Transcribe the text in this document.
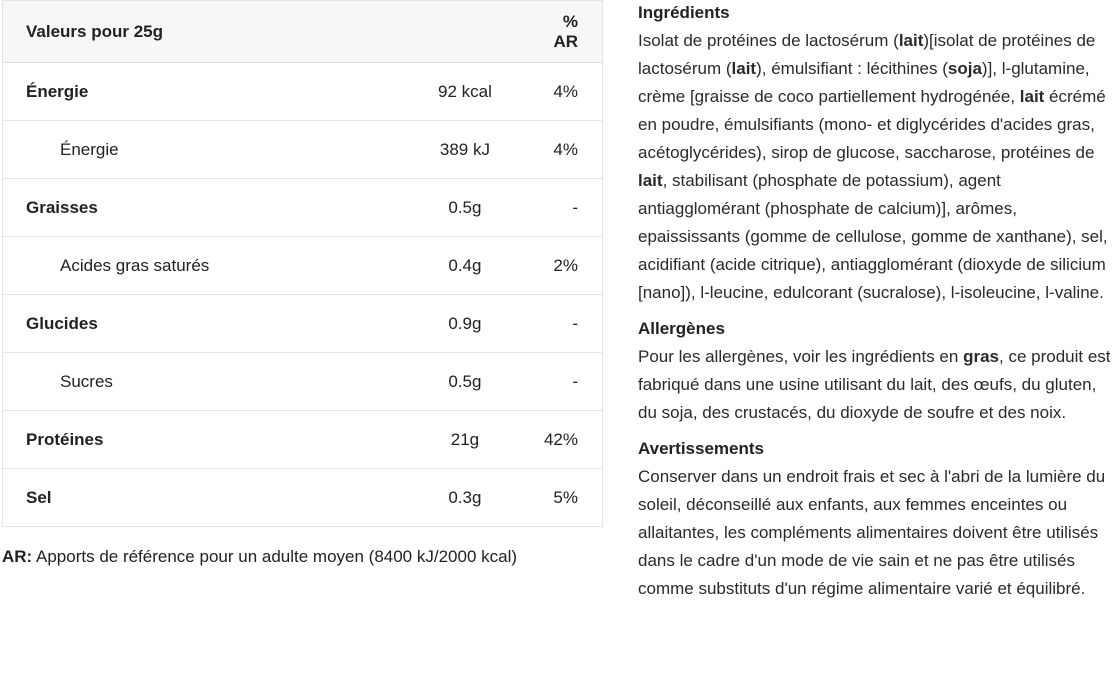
Valeurs pour 25g		% AR
Énergie	92 kcal	4%
Énergie	389 kJ	4%
Graisses	0.5g	-
Acides gras saturés	0.4g	2%
Glucides	0.9g	-
Sucres	0.5g	-
Protéines	21g	42%
Sel	0.3g	5%
AR: Apports de référence pour un adulte moyen (8400 kJ/2000 kcal)
Ingrédients

Isolat de protéines de lactosérum (lait)[isolat de protéines de lactosérum (lait), émulsifiant : lécithines (soja)], l-glutamine, crème [graisse de coco partiellement hydrogénée, lait écrémé en poudre, émulsifiants (mono- et diglycérides d'acides gras, acétoglycérides), sirop de glucose, saccharose, protéines de lait, stabilisant (phosphate de potassium), agent antiagglomérant (phosphate de calcium)], arômes, epaississants (gomme de cellulose, gomme de xanthane), sel, acidifiant (acide citrique), antiagglomérant (dioxyde de silicium [nano]), l-leucine, edulcorant (sucralose), l-isoleucine, l-valine.

Allergènes

Pour les allergènes, voir les ingrédients en gras, ce produit est fabriqué dans une usine utilisant du lait, des œufs, du gluten, du soja, des crustacés, du dioxyde de soufre et des noix.

Avertissements

Conserver dans un endroit frais et sec à l'abri de la lumière du soleil, déconseillé aux enfants, aux femmes enceintes ou allaitantes, les compléments alimentaires doivent être utilisés dans le cadre d'un mode de vie sain et ne pas être utilisés comme substituts d'un régime alimentaire varié et équilibré.
